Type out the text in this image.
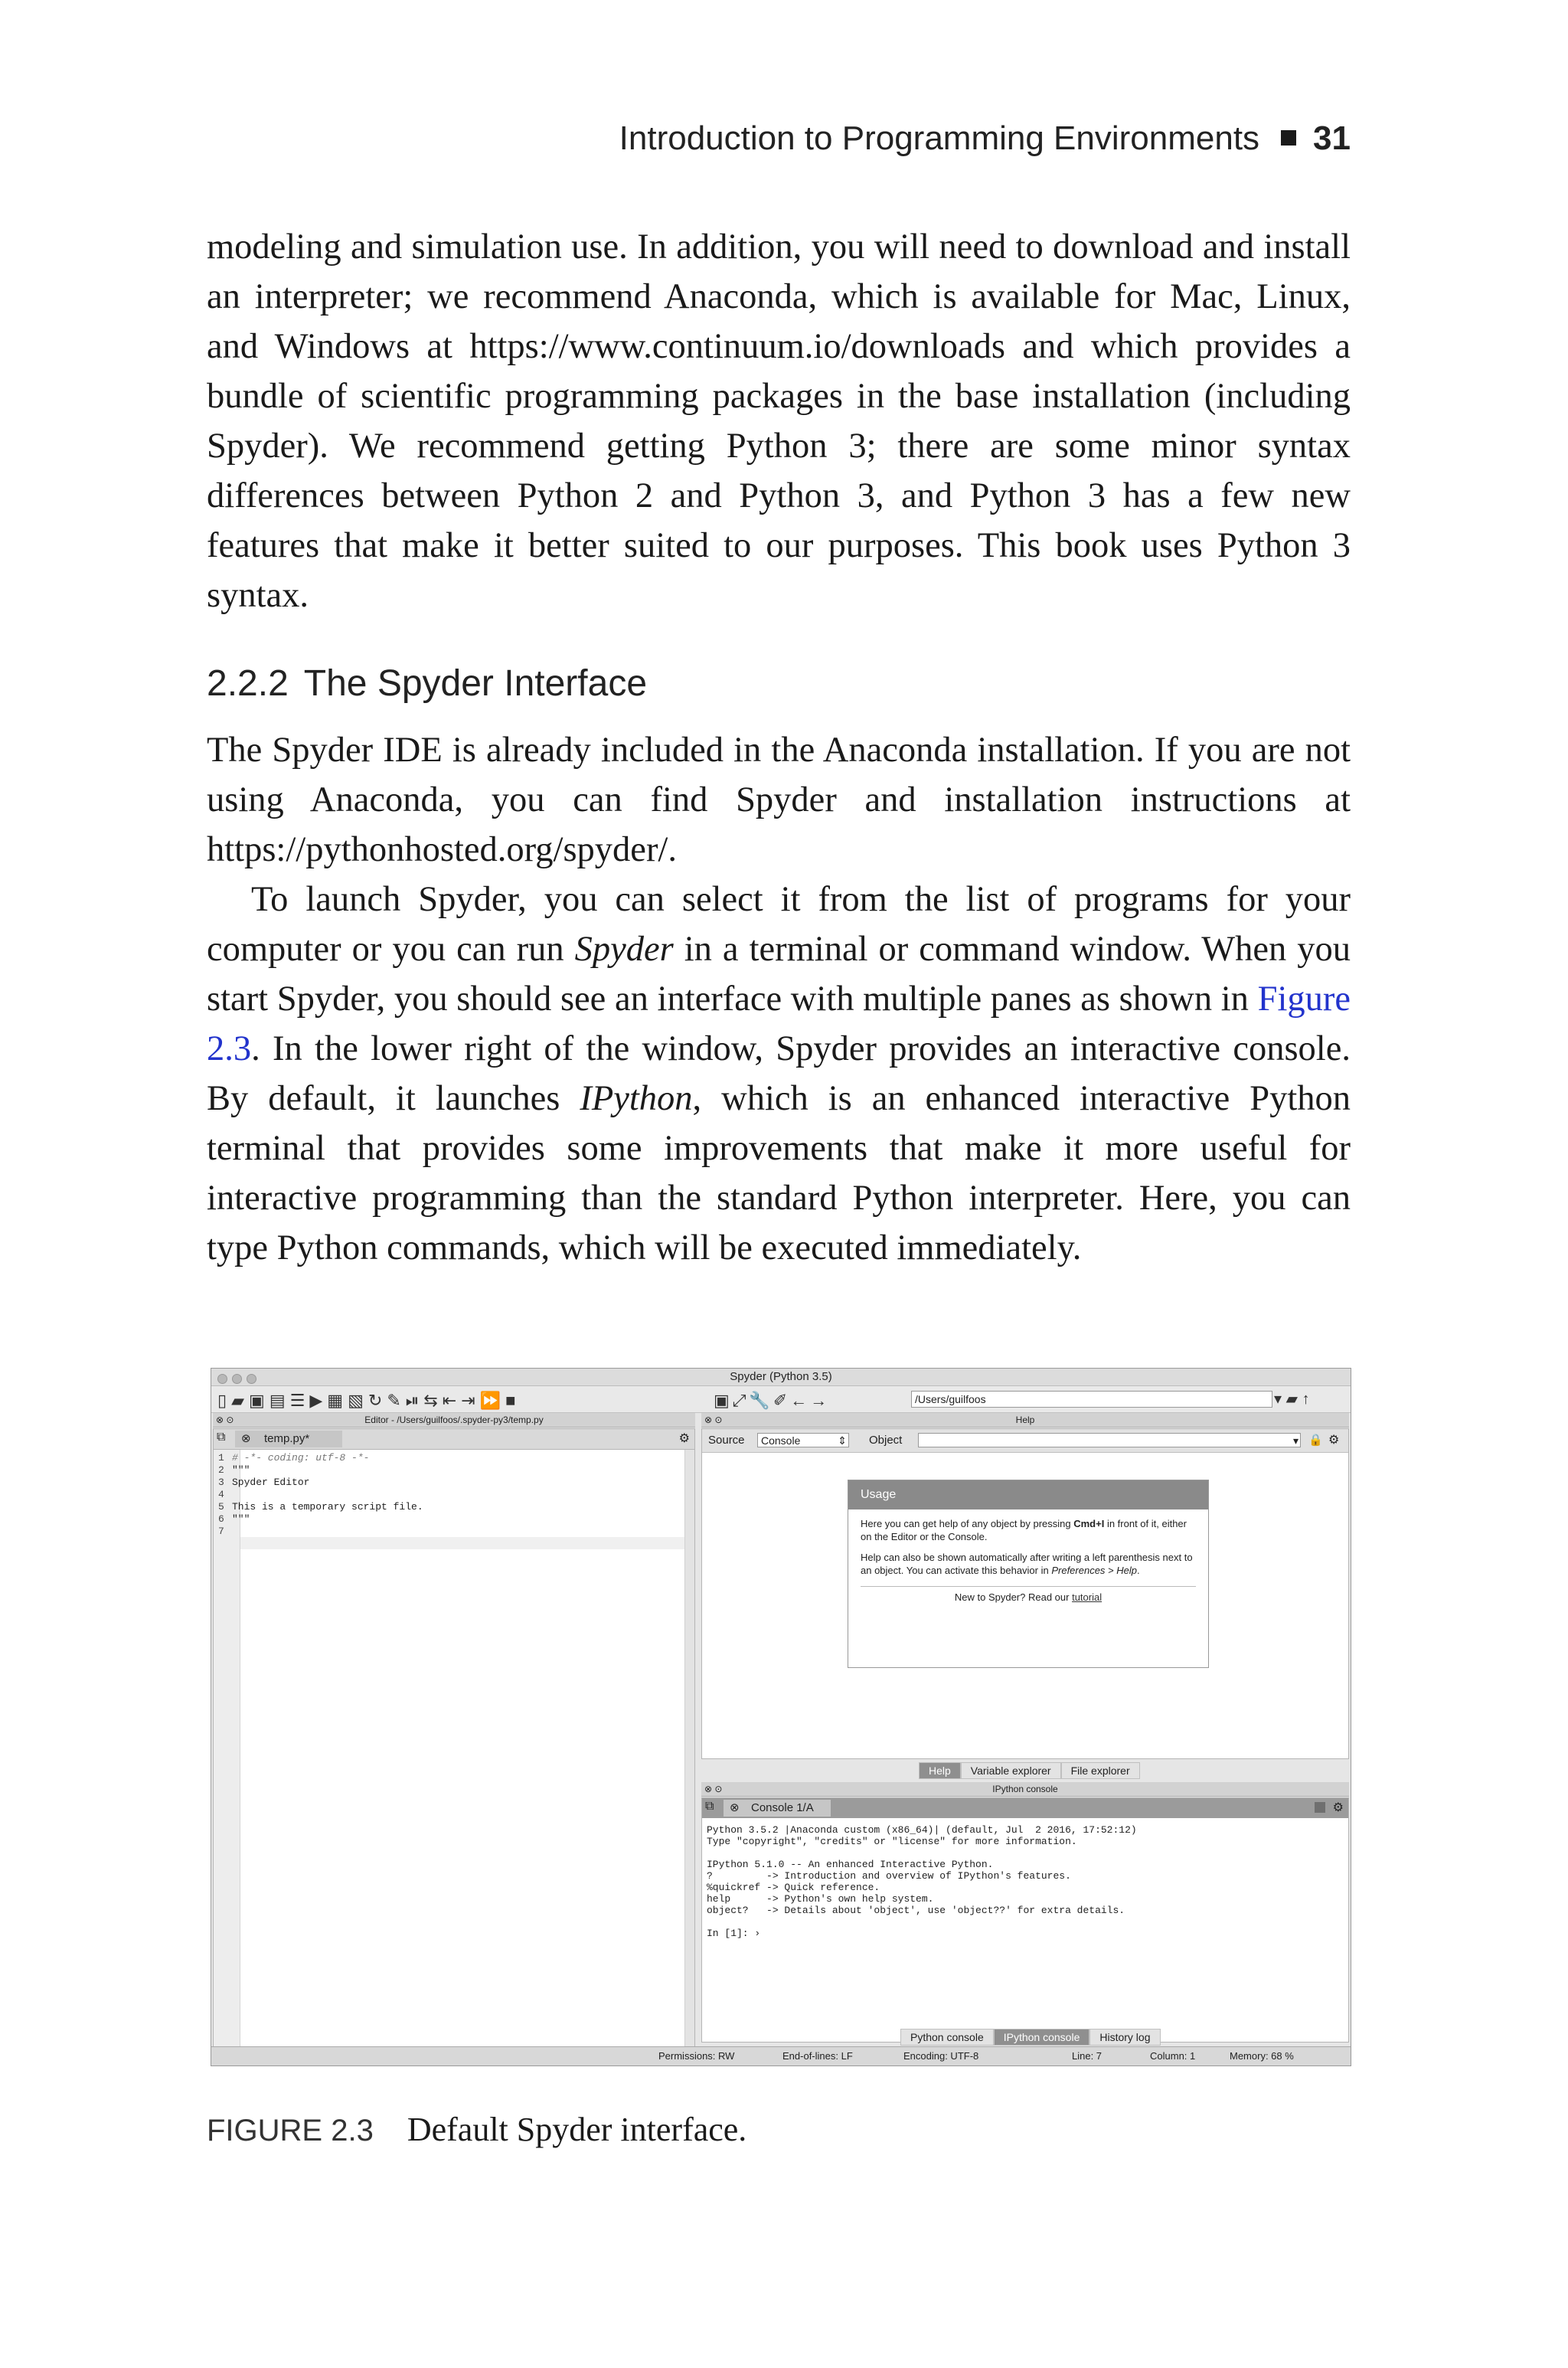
Introduction to Programming Environments 31

modeling and simulation use. In addition, you will need to download and install an interpreter; we recommend Anaconda, which is available for Mac, Linux, and Windows at https://www.continuum.io/downloads and which provides a bundle of scientific programming packages in the base installation (including Spyder). We recommend getting Python 3; there are some minor syntax differences between Python 2 and Python 3, and Python 3 has a few new features that make it better suited to our purposes. This book uses Python 3 syntax.

2.2.2 The Spyder Interface

The Spyder IDE is already included in the Anaconda installation. If you are not using Anaconda, you can find Spyder and installation instructions at https://pythonhosted.org/spyder/.

To launch Spyder, you can select it from the list of programs for your computer or you can run Spyder in a terminal or command window. When you start Spyder, you should see an interface with multiple panes as shown in Figure 2.3. In the lower right of the window, Spyder provides an interactive console. By default, it launches IPython, which is an enhanced interactive Python terminal that provides some improvements that make it more useful for interactive programming than the standard Python interpreter. Here, you can type Python commands, which will be executed immediately.

Spyder (Python 3.5)
▯▰▣▤☰▶▦▧↻✎⏯⇆⇤⇥⏩■	▣⤢🔧✐←→	/Users/guilfoos	▾ ▰ ↑
⊗ ⊙	Editor - /Users/guilfoos/.spyder-py3/temp.py
⧉ ⊗ temp.py*	⚙
1 # -*- coding: utf-8 -*-
2 """
3 Spyder Editor
4
5 This is a temporary script file.
6 """
7
⊗ ⊙	Help
Source	Console	⇕ Object	▾ 🔒 ⚙
Usage

Here you can get help of any object by pressing Cmd+I in front of it, either on the Editor or the Console.

Help can also be shown automatically after writing a left parenthesis next to an object. You can activate this behavior in Preferences > Help.

New to Spyder? Read our tutorial
Help Variable explorer File explorer
⊗ ⊙	IPython console
⧉ ⊗ Console 1/A	⚙
Python 3.5.2 |Anaconda custom (x86_64)| (default, Jul  2 2016, 17:52:12)
Type "copyright", "credits" or "license" for more information.

IPython 5.1.0 -- An enhanced Interactive Python.
?         -> Introduction and overview of IPython's features.
%quickref -> Quick reference.
help      -> Python's own help system.
object?   -> Details about 'object', use 'object??' for extra details.

In [1]: ›
Python console IPython console History log
Permissions: RW	End-of-lines: LF	Encoding: UTF-8	Line: 7	Column: 1	Memory: 68 %
FIGURE 2.3 Default Spyder interface.
